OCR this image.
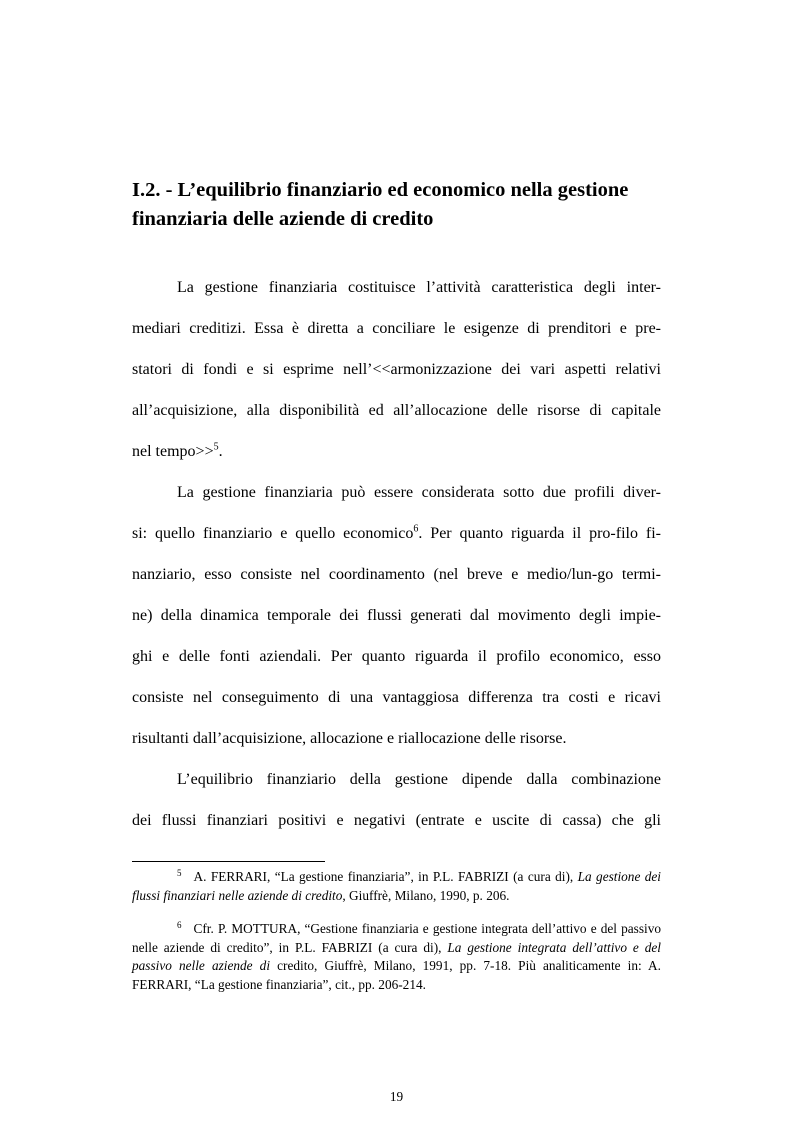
I.2. - L’equilibrio finanziario ed economico nella gestione
finanziaria delle aziende di credito
La gestione finanziaria costituisce l’attività caratteristica degli inter-
mediari creditizi. Essa è diretta a conciliare le esigenze di prenditori e pre-
statori di fondi e si esprime nell’<<armonizzazione dei vari aspetti relativi
all’acquisizione, alla disponibilità ed all’allocazione delle risorse di capitale
nel tempo>>$^5$.
La gestione finanziaria può essere considerata sotto due profili diver-
si: quello finanziario e quello economico$^6$. Per quanto riguarda il pro-filo fi-
nanziario, esso consiste nel coordinamento (nel breve e medio/lun-go termi-
ne) della dinamica temporale dei flussi generati dal movimento degli impie-
ghi e delle fonti aziendali. Per quanto riguarda il profilo economico, esso
consiste nel conseguimento di una vantaggiosa differenza tra costi e ricavi
risultanti dall’acquisizione, allocazione e riallocazione delle risorse.
L’equilibrio finanziario della gestione dipende dalla combinazione
dei flussi finanziari positivi e negativi (entrate e uscite di cassa) che gli

$^5$ A. FERRARI, “La gestione finanziaria”, in P.L. FABRIZI (a cura di), La gestione dei flussi finanziari nelle aziende di credito, Giuffrè, Milano, 1990, p. 206.

$^6$ Cfr. P. MOTTURA, “Gestione finanziaria e gestione integrata dell’attivo e del passivo nelle aziende di credito”, in P.L. FABRIZI (a cura di), La gestione integrata dell’attivo e del passivo nelle aziende di credito, Giuffrè, Milano, 1991, pp. 7-18. Più analiticamente in: A. FERRARI, “La gestione finanziaria”, cit., pp. 206-214.

19
